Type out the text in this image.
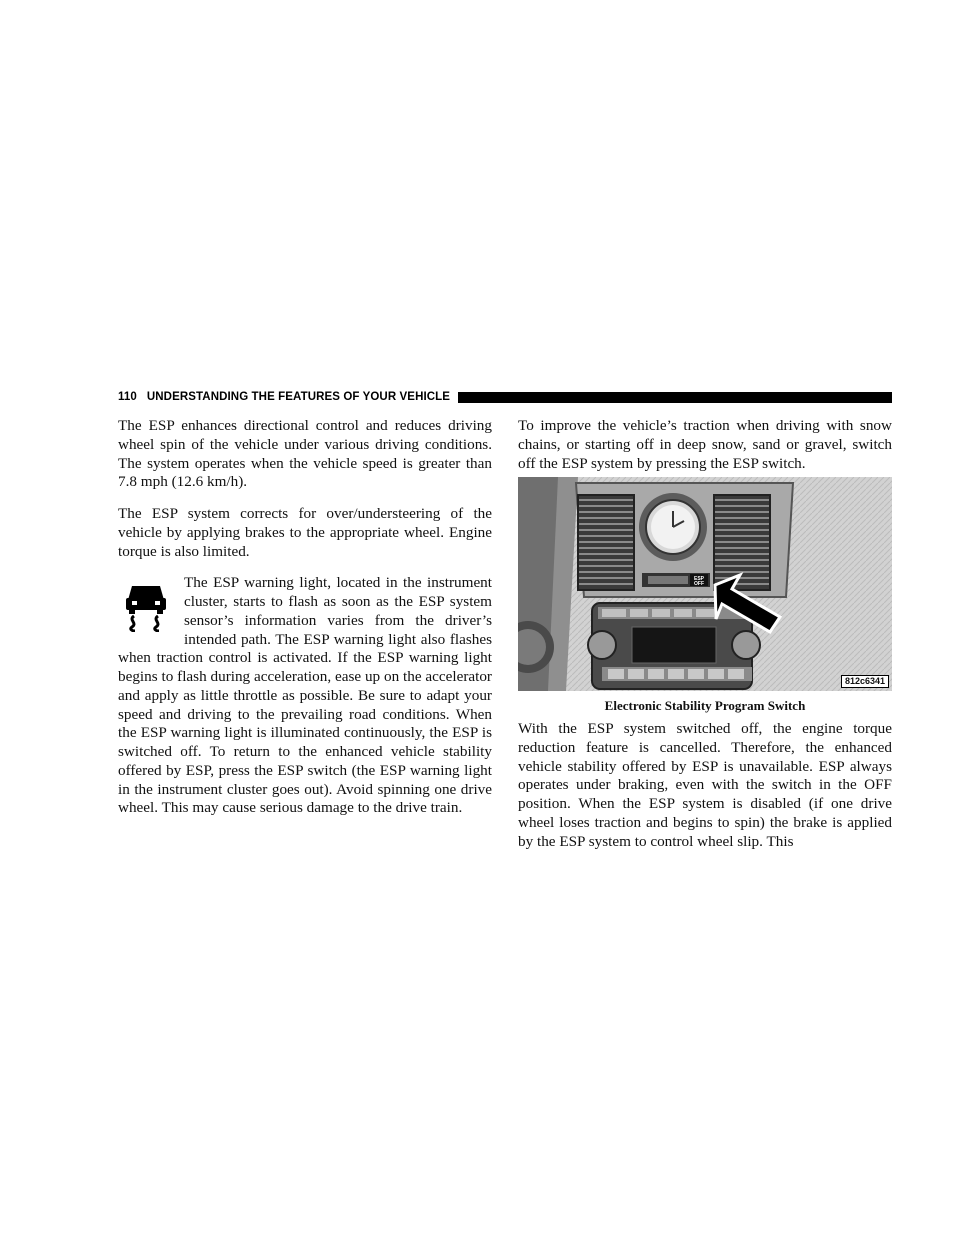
110 UNDERSTANDING THE FEATURES OF YOUR VEHICLE

The ESP enhances directional control and reduces driving wheel spin of the vehicle under various driving conditions. The system operates when the vehicle speed is greater than 7.8 mph (12.6 km/h).

The ESP system corrects for over/understeering of the vehicle by applying brakes to the appropriate wheel. Engine torque is also limited.

The ESP warning light, located in the instrument cluster, starts to flash as soon as the ESP system sensor’s information varies from the driver’s intended path. The ESP warning light also flashes when traction control is activated. If the ESP warning light begins to flash during acceleration, ease up on the accelerator and apply as little throttle as possible. Be sure to adapt your speed and driving to the prevailing road conditions. When the ESP warning light is illuminated continuously, the ESP is switched off. To return to the enhanced vehicle stability offered by ESP, press the ESP switch (the ESP warning light in the instrument cluster goes out). Avoid spinning one drive wheel. This may cause serious damage to the drive train.

To improve the vehicle’s traction when driving with snow chains, or starting off in deep snow, sand or gravel, switch off the ESP system by pressing the ESP switch.

ESP
OFF
812c6341
Electronic Stability Program Switch

With the ESP system switched off, the engine torque reduction feature is cancelled. Therefore, the enhanced vehicle stability offered by ESP is unavailable. ESP always operates under braking, even with the switch in the OFF position. When the ESP system is disabled (if one drive wheel loses traction and begins to spin) the brake is applied by the ESP system to control wheel slip. This
